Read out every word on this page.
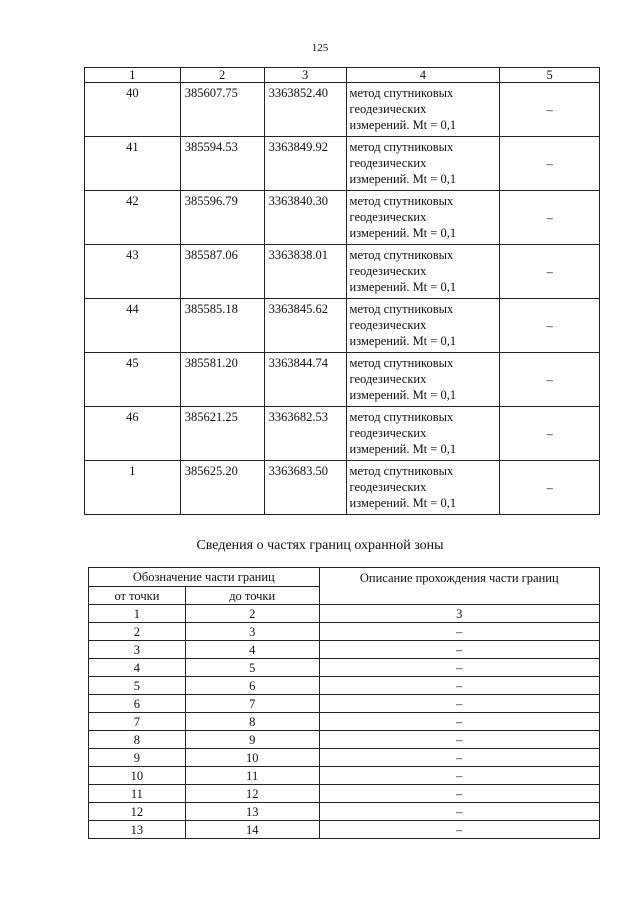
125
1	2	3	4	5
40	385607.75	3363852.40	метод спутниковых
геодезических
измерений. Mt = 0,1	–
41	385594.53	3363849.92	метод спутниковых
геодезических
измерений. Mt = 0,1	–
42	385596.79	3363840.30	метод спутниковых
геодезических
измерений. Mt = 0,1	–
43	385587.06	3363838.01	метод спутниковых
геодезических
измерений. Mt = 0,1	–
44	385585.18	3363845.62	метод спутниковых
геодезических
измерений. Mt = 0,1	–
45	385581.20	3363844.74	метод спутниковых
геодезических
измерений. Mt = 0,1	–
46	385621.25	3363682.53	метод спутниковых
геодезических
измерений. Mt = 0,1	–
1	385625.20	3363683.50	метод спутниковых
геодезических
измерений. Mt = 0,1	–
Сведения о частях границ охранной зоны
Обозначение части границ		Описание прохождения части границ
от точки	до точки	
1	2	3
2	3	–
3	4	–
4	5	–
5	6	–
6	7	–
7	8	–
8	9	–
9	10	–
10	11	–
11	12	–
12	13	–
13	14	–
